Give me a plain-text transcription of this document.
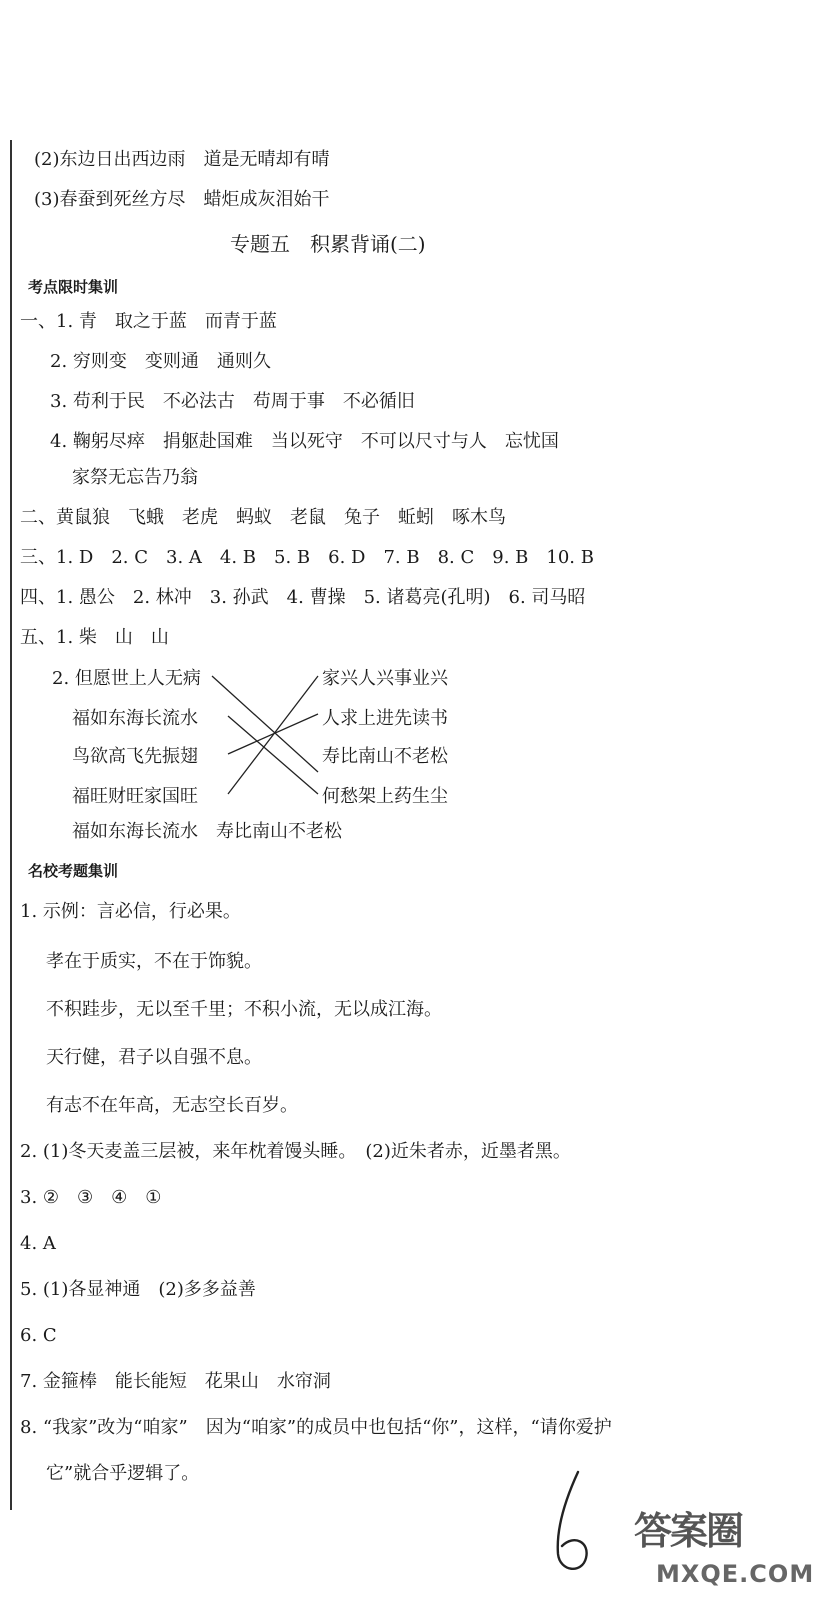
(2)东边日出西边雨　道是无晴却有晴
(3)春蚕到死丝方尽　蜡炬成灰泪始干
专题五　积累背诵(二)
考点限时集训
一、1. 青　取之于蓝　而青于蓝
2. 穷则变　变则通　通则久
3. 苟利于民　不必法古　苟周于事　不必循旧
4. 鞠躬尽瘁　捐躯赴国难　当以死守　不可以尺寸与人　忘忧国
家祭无忘告乃翁
二、黄鼠狼　飞蛾　老虎　蚂蚁　老鼠　兔子　蚯蚓　啄木鸟
三、1. D　2. C　3. A　4. B　5. B　6. D　7. B　8. C　9. B　10. B
四、1. 愚公　2. 林冲　3. 孙武　4. 曹操　5. 诸葛亮(孔明)　6. 司马昭
五、1. 柴　山　山
2. 但愿世上人无病
福如东海长流水
鸟欲高飞先振翅
福旺财旺家国旺
家兴人兴事业兴
人求上进先读书
寿比南山不老松
何愁架上药生尘
福如东海长流水　寿比南山不老松
名校考题集训
1. 示例：言必信，行必果。
孝在于质实，不在于饰貌。
不积跬步，无以至千里；不积小流，无以成江海。
天行健，君子以自强不息。
有志不在年高，无志空长百岁。
2. (1)冬天麦盖三层被，来年枕着馒头睡。　(2)近朱者赤，近墨者黑。
3. ②　③　④　①
4. A
5. (1)各显神通　(2)多多益善
6. C
7. 金箍棒　能长能短　花果山　水帘洞
8. “我家”改为“咱家”　因为“咱家”的成员中也包括“你”，这样，“请你爱护
它”就合乎逻辑了。
答案圈
MXQE.COM
